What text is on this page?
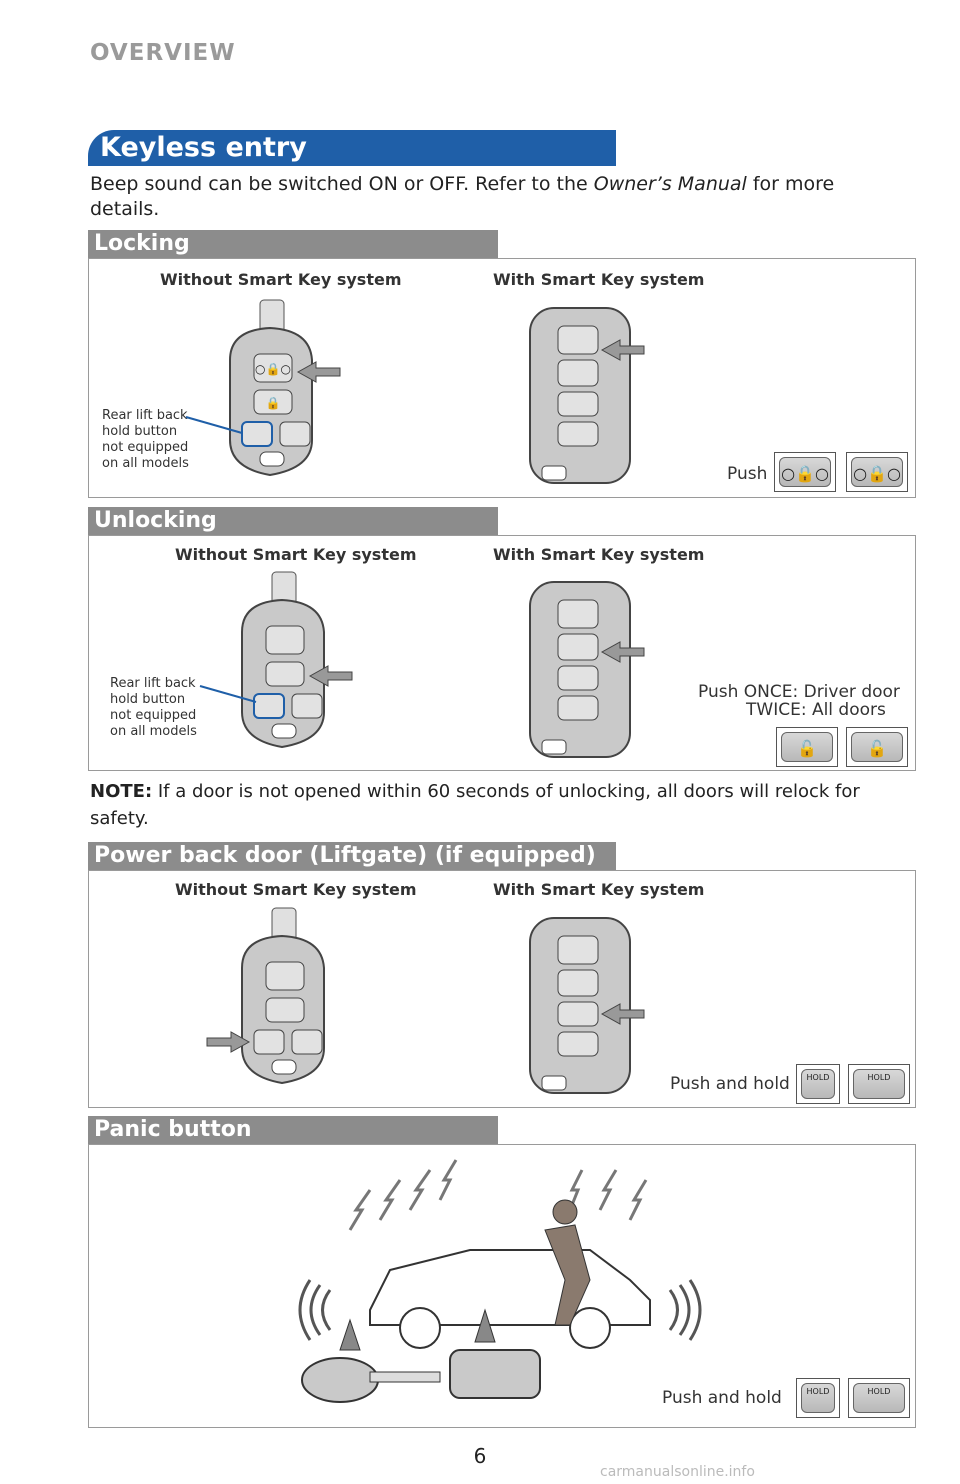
OVERVIEW
Keyless entry
Beep sound can be switched ON or OFF. Refer to the Owner’s Manual for more details.
Locking
Without Smart Key system	With Smart Key system
○🔒○
🔒
Rear lift back
hold button
not equipped
on all models
Push ○🔒○ ○🔒○
Unlocking
Without Smart Key system	With Smart Key system
Rear lift back
hold button
not equipped
on all models
Push ONCE: Driver door
TWICE: All doors
🔓	🔓
NOTE: If a door is not opened within 60 seconds of unlocking, all doors will relock for safety.
Power back door (Liftgate) (if equipped)
Without Smart Key system	With Smart Key system
Push and hold	HOLD	HOLD
Panic button
Push and hold	HOLD	HOLD
6
carmanualsonline.info
